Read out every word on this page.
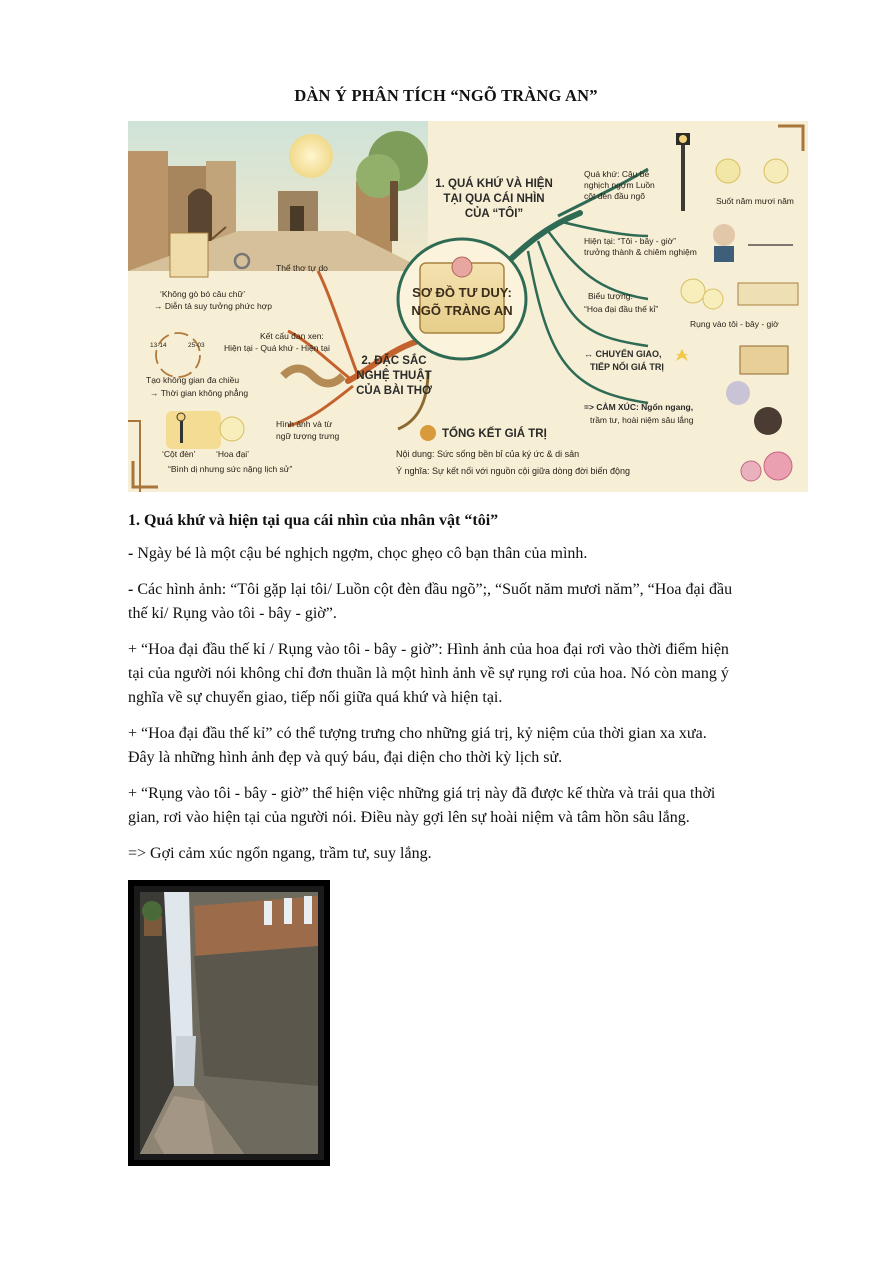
DÀN Ý PHÂN TÍCH “NGÕ TRÀNG AN”
SƠ ĐỒ TƯ DUY:
NGÕ TRÀNG AN
1. QUÁ KHỨ VÀ HIỆN
TẠI QUA CÁI NHÌN
CỦA “TÔI”
2. ĐẶC SẮC
NGHỆ THUẬT
CỦA BÀI THƠ
TỔNG KẾT GIÁ TRỊ
Nội dung: Sức sống bền bỉ của ký ức & di sản
Ý nghĩa: Sự kết nối với nguồn cội giữa dòng đời biến động
Quá khứ: Cậu bé
nghịch ngợm Luồn
cột đèn đầu ngõ	Suốt năm mươi năm
Hiện tại: “Tôi - bây - giờ”
trưởng thành & chiêm nghiệm
Biểu tượng:
“Hoa đại đầu thế kỉ”
Rụng vào tôi - bây - giờ
↔ CHUYỂN GIAO,
TIẾP NỐI GIÁ TRỊ
=> CẢM XÚC: Ngổn ngang,
trầm tư, hoài niệm sâu lắng
Thể thơ tự do
‘Không gò bó câu chữ’
→ Diễn tả suy tưởng phức hợp
Kết cấu đan xen:
Hiện tại - Quá khứ - Hiện tại
13-14	25-03
Tạo không gian đa chiều
→ Thời gian không phẳng
Hình ảnh và từ
ngữ tượng trưng
‘Cột đèn’ ‘Hoa đại’
“Bình dị nhưng sức nặng lịch sử”
1. Quá khứ và hiện tại qua cái nhìn của nhân vật “tôi”

- Ngày bé là một cậu bé nghịch ngợm, chọc ghẹo cô bạn thân của mình.

- Các hình ảnh: “Tôi gặp lại tôi/ Luồn cột đèn đầu ngõ”;, “Suốt năm mươi năm”, “Hoa đại đầu
thế kỉ/ Rụng vào tôi - bây - giờ”.

+ “Hoa đại đầu thế kỉ / Rụng vào tôi - bây - giờ”: Hình ảnh của hoa đại rơi vào thời điểm hiện
tại của người nói không chỉ đơn thuần là một hình ảnh về sự rụng rơi của hoa. Nó còn mang ý
nghĩa về sự chuyển giao, tiếp nối giữa quá khứ và hiện tại.

+ “Hoa đại đầu thế kỉ” có thể tượng trưng cho những giá trị, kỷ niệm của thời gian xa xưa.
Đây là những hình ảnh đẹp và quý báu, đại diện cho thời kỳ lịch sử.

+ “Rụng vào tôi - bây - giờ” thể hiện việc những giá trị này đã được kế thừa và trải qua thời
gian, rơi vào hiện tại của người nói. Điều này gợi lên sự hoài niệm và tâm hồn sâu lắng.

=> Gợi cảm xúc ngổn ngang, trầm tư, suy lắng.
